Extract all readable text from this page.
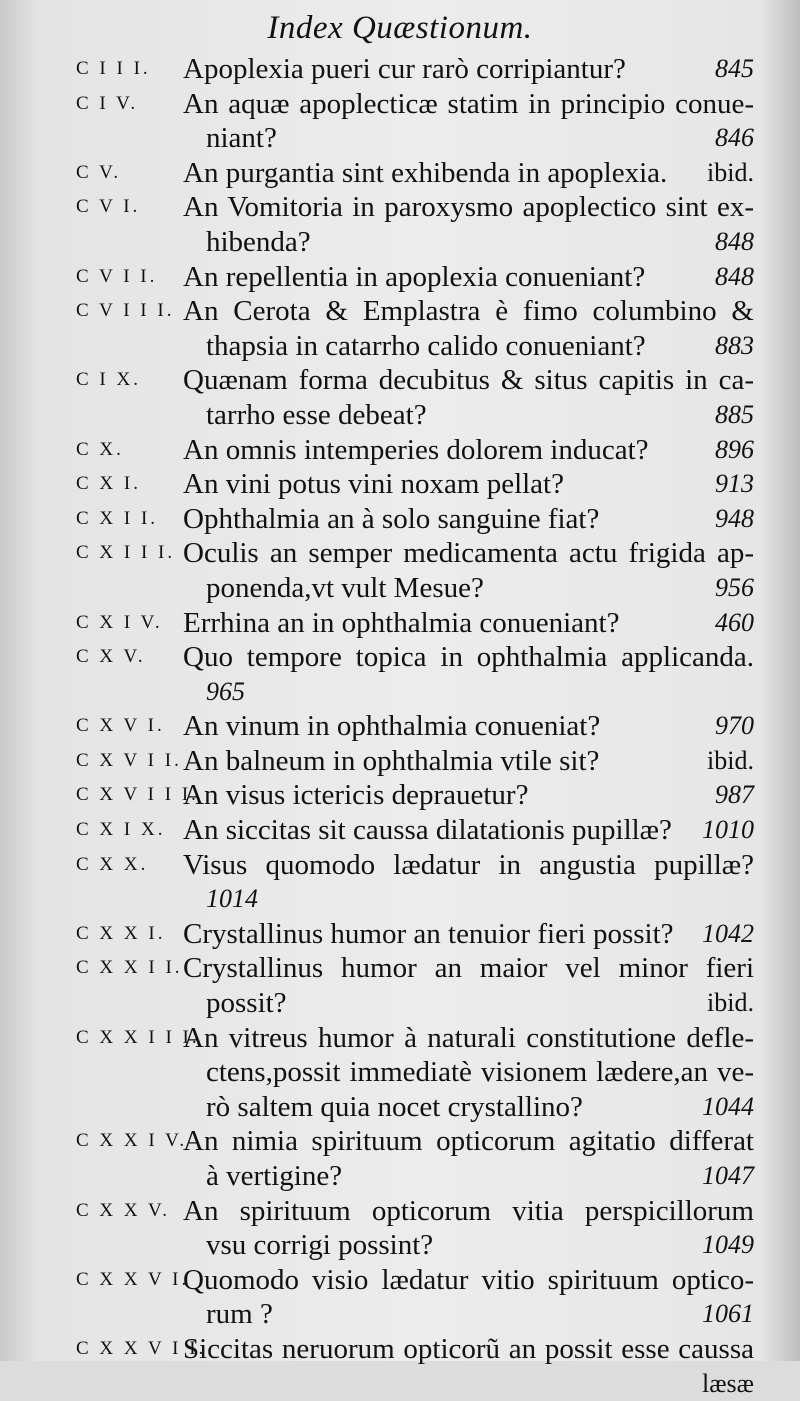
Index Quæstionum.
C I I I. Apoplexia pueri cur rarò corripiantur?	845
C I V. An aquæ apoplecticæ statim in principio conue-
niant?	846
C V. An purgantia sint exhibenda in apoplexia.	ibid.
C V I. An Vomitoria in paroxysmo apoplectico sint ex-
hibenda?	848
C V I I. An repellentia in apoplexia conueniant?	848
C V I I I. An Cerota & Emplastra è fimo columbino &
thapsia in catarrho calido conueniant?	883
C I X. Quænam forma decubitus & situs capitis in ca-
tarrho esse debeat?	885
C X. An omnis intemperies dolorem inducat?	896
C X I. An vini potus vini noxam pellat?	913
C X I I. Ophthalmia an à solo sanguine fiat?	948
C X I I I. Oculis an semper medicamenta actu frigida ap-
ponenda,vt vult Mesue?	956
C X I V. Errhina an in ophthalmia conueniant?	460
C X V. Quo tempore topica in ophthalmia applicanda.
965
C X V I. An vinum in ophthalmia conueniat?	970
C X V I I. An balneum in ophthalmia vtile sit?	ibid.
C X V I I I.
An visus ictericis deprauetur?	987
C X I X. An siccitas sit caussa dilatationis pupillæ?	1010
C X X. Visus quomodo lædatur in angustia pupillæ?
1014
C X X I. Crystallinus humor an tenuior fieri possit? 1042
C X X I I. Crystallinus humor an maior vel minor fieri
possit?	ibid.
C X X I I I.
An vitreus humor à naturali constitutione defle-
ctens,possit immediatè visionem lædere,an ve-
rò saltem quia nocet crystallino?	1044
C X X I V.
An nimia spirituum opticorum agitatio differat
à vertigine?	1047
C X X V. An spirituum opticorum vitia perspicillorum
vsu corrigi possint?	1049
C X X V I.
Quomodo visio lædatur vitio spirituum optico-
rum ?	1061
C X X V I I.
Siccitas neruorum opticorũ an possit esse caussa
læsæ
